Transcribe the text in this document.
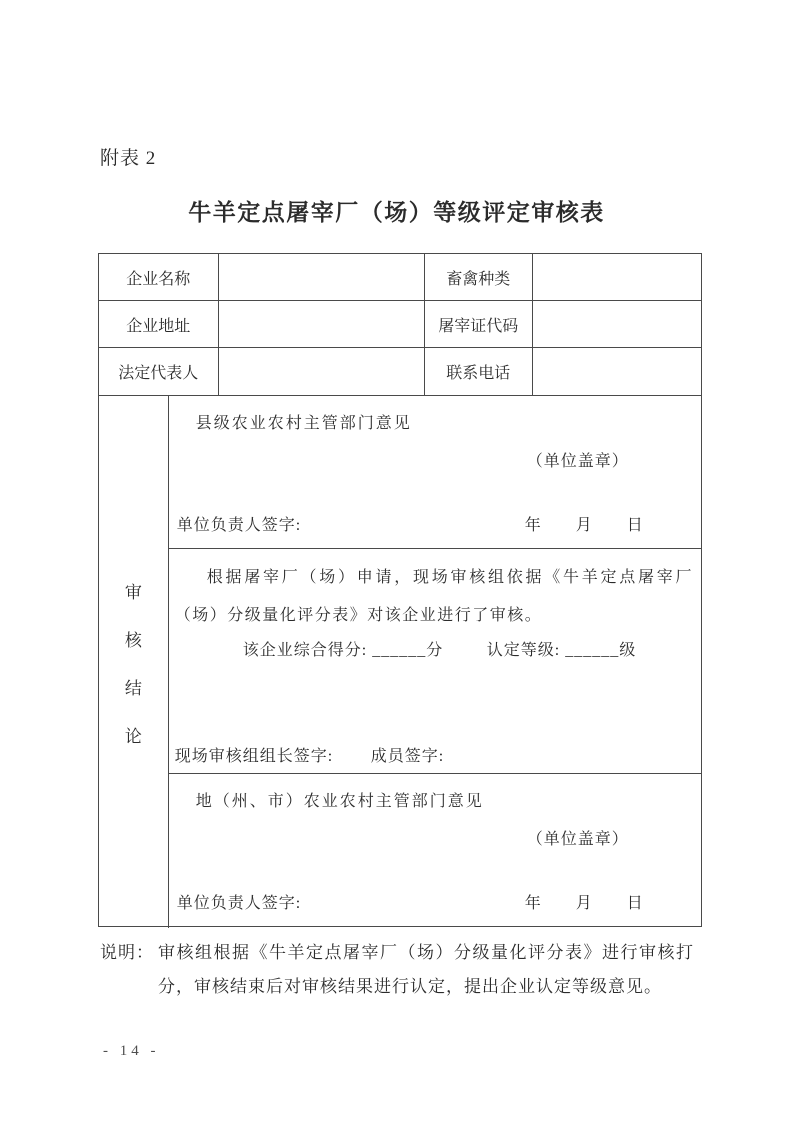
附表 2
牛羊定点屠宰厂（场）等级评定审核表
企业名称	畜禽种类
企业地址	屠宰证代码
法定代表人	联系电话
审
核
结
论
县级农业农村主管部门意见
（单位盖章）
单位负责人签字:	年　　月　　日
根据屠宰厂（场）申请，现场审核组依据《牛羊定点屠宰厂（场）分级量化评分表》对该企业进行了审核。
该企业综合得分: ______分	认定等级: ______级
现场审核组组长签字: 成员签字:
地（州、市）农业农村主管部门意见
（单位盖章）
单位负责人签字:	年　　月　　日
说明： 审核组根据《牛羊定点屠宰厂（场）分级量化评分表》进行审核打分，审核结束后对审核结果进行认定，提出企业认定等级意见。
- 14 -
